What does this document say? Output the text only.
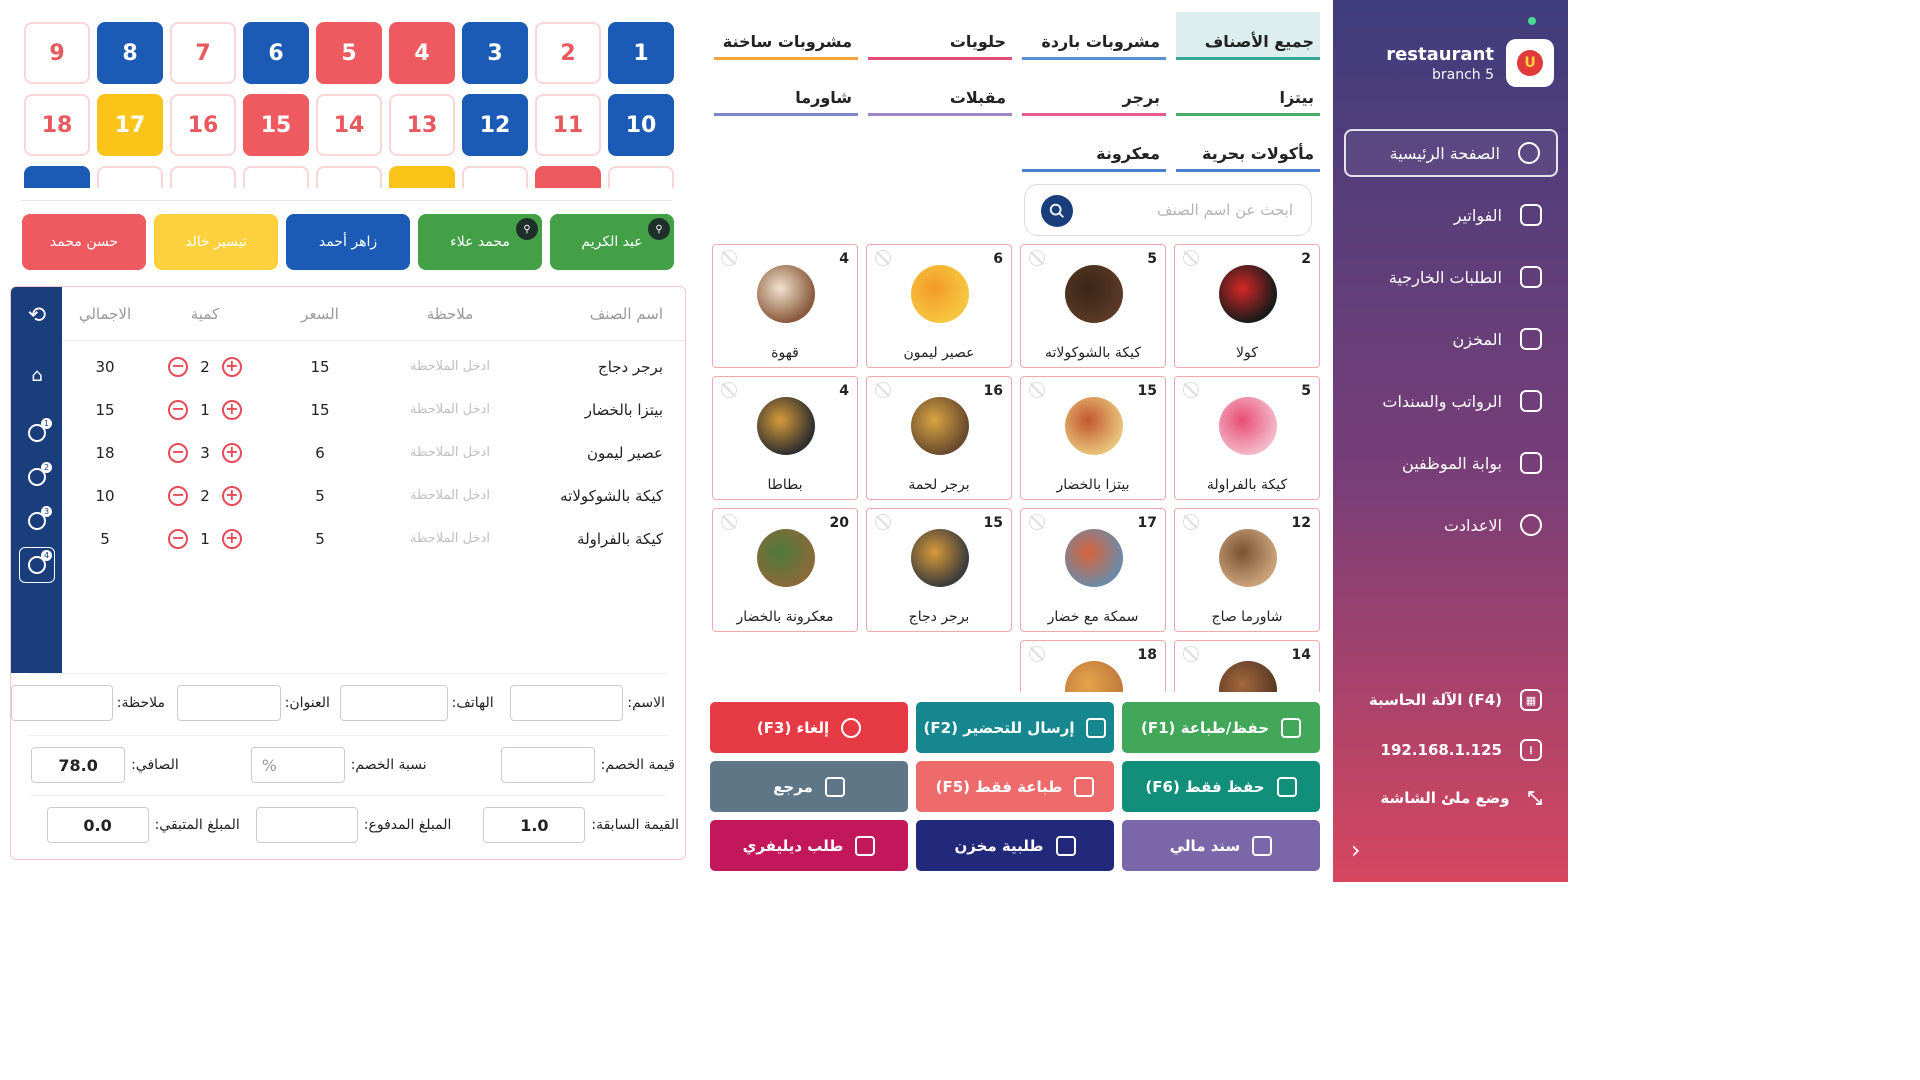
U
restaurant
branch 5
الصفحة الرئيسية
الفواتير
الطلبات الخارجية
المخزن
الرواتب والسندات
بوابة الموظفين
الاعدادت
▦
الآلة الحاسبة (F4)
⁞
192.168.1.125
⤡
وضع ملئ الشاشة
›
جميع الأصناف
مشروبات باردة
حلويات
مشروبات ساخنة
بيتزا
برجر
مقبلات
شاورما
مأكولات بحرية
معكرونة
ابحث عن اسم الصنف
2
كولا
5
كيكة بالشوكولاته
6
عصير ليمون
4
قهوة
5
كيكة بالفراولة
15
بيتزا بالخضار
16
برجر لحمة
4
بطاطا
12
شاورما صاج
17
سمكة مع خضار
15
برجر دجاج
20
معكرونة بالخضار
14
18
حفظ/طباعة (F1)
إرسال للتحضير (F2)
إلغاء (F3)
حفظ فقط (F6)
طباعة فقط (F5)
مرجع
سند مالي
طلبية مخزن
طلب ديليفري
1
2
3
4
5
6
7
8
9
10
11
12
13
14
15
16
17
18
⚲
عبد الكريم
⚲
محمد علاء
زاهر أحمد
تيسير خالد
حسن محمد
⟲
⌂
1
2
3
4
اسم الصنف
ملاحظة
السعر
كمية
الاجمالي
برجر دجاج
ادخل الملاحظة
15
+
2
−
30
بيتزا بالخضار
ادخل الملاحظة
15
+
1
−
15
عصير ليمون
ادخل الملاحظة
6
+
3
−
18
كيكة بالشوكولاته
ادخل الملاحظة
5
+
2
−
10
كيكة بالفراولة
ادخل الملاحظة
5
+
1
−
5
الاسم:
الهاتف:
العنوان:
ملاحظة:
قيمة الخصم:
نسبة الخصم:
%
الصافي:
78.0
القيمة السابقة:
1.0
المبلغ المدفوع:
المبلغ المتبقي:
0.0
